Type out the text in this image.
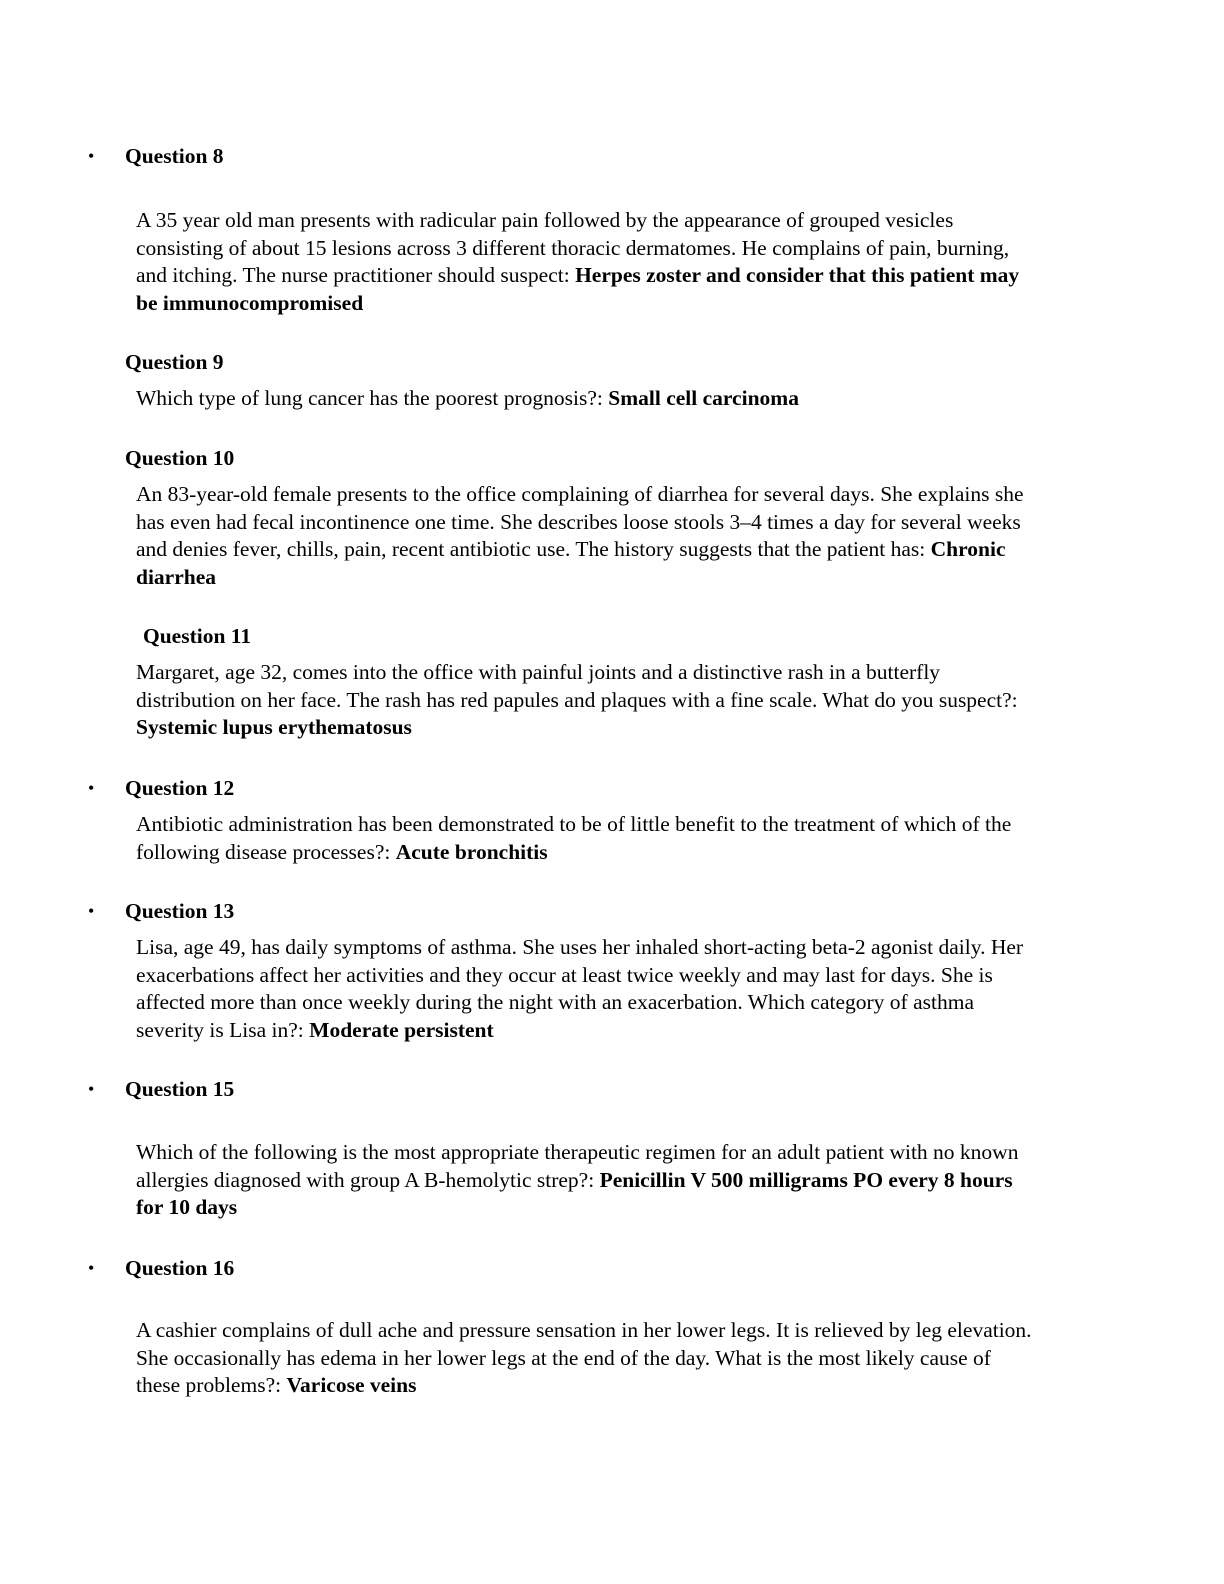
• Question 8

A 35 year old man presents with radicular pain followed by the appearance of grouped vesicles consisting of about 15 lesions across 3 different thoracic dermatomes. He complains of pain, burning, and itching. The nurse practitioner should suspect: Herpes zoster and consider that this patient may be immunocompromised

Question 9

Which type of lung cancer has the poorest prognosis?: Small cell carcinoma

Question 10

An 83-year-old female presents to the office complaining of diarrhea for several days. She explains she has even had fecal incontinence one time. She describes loose stools 3–4 times a day for several weeks and denies fever, chills, pain, recent antibiotic use. The history suggests that the patient has: Chronic diarrhea

Question 11

Margaret, age 32, comes into the office with painful joints and a distinctive rash in a butterfly distribution on her face. The rash has red papules and plaques with a fine scale. What do you suspect?: Systemic lupus erythematosus

• Question 12

Antibiotic administration has been demonstrated to be of little benefit to the treatment of which of the following disease processes?: Acute bronchitis

• Question 13

Lisa, age 49, has daily symptoms of asthma. She uses her inhaled short-acting beta-2 agonist daily. Her exacerbations affect her activities and they occur at least twice weekly and may last for days. She is affected more than once weekly during the night with an exacerbation. Which category of asthma severity is Lisa in?: Moderate persistent

• Question 15

Which of the following is the most appropriate therapeutic regimen for an adult patient with no known allergies diagnosed with group A B-hemolytic strep?: Penicillin V 500 milligrams PO every 8 hours for 10 days

• Question 16

A cashier complains of dull ache and pressure sensation in her lower legs. It is relieved by leg elevation. She occasionally has edema in her lower legs at the end of the day. What is the most likely cause of these problems?: Varicose veins
